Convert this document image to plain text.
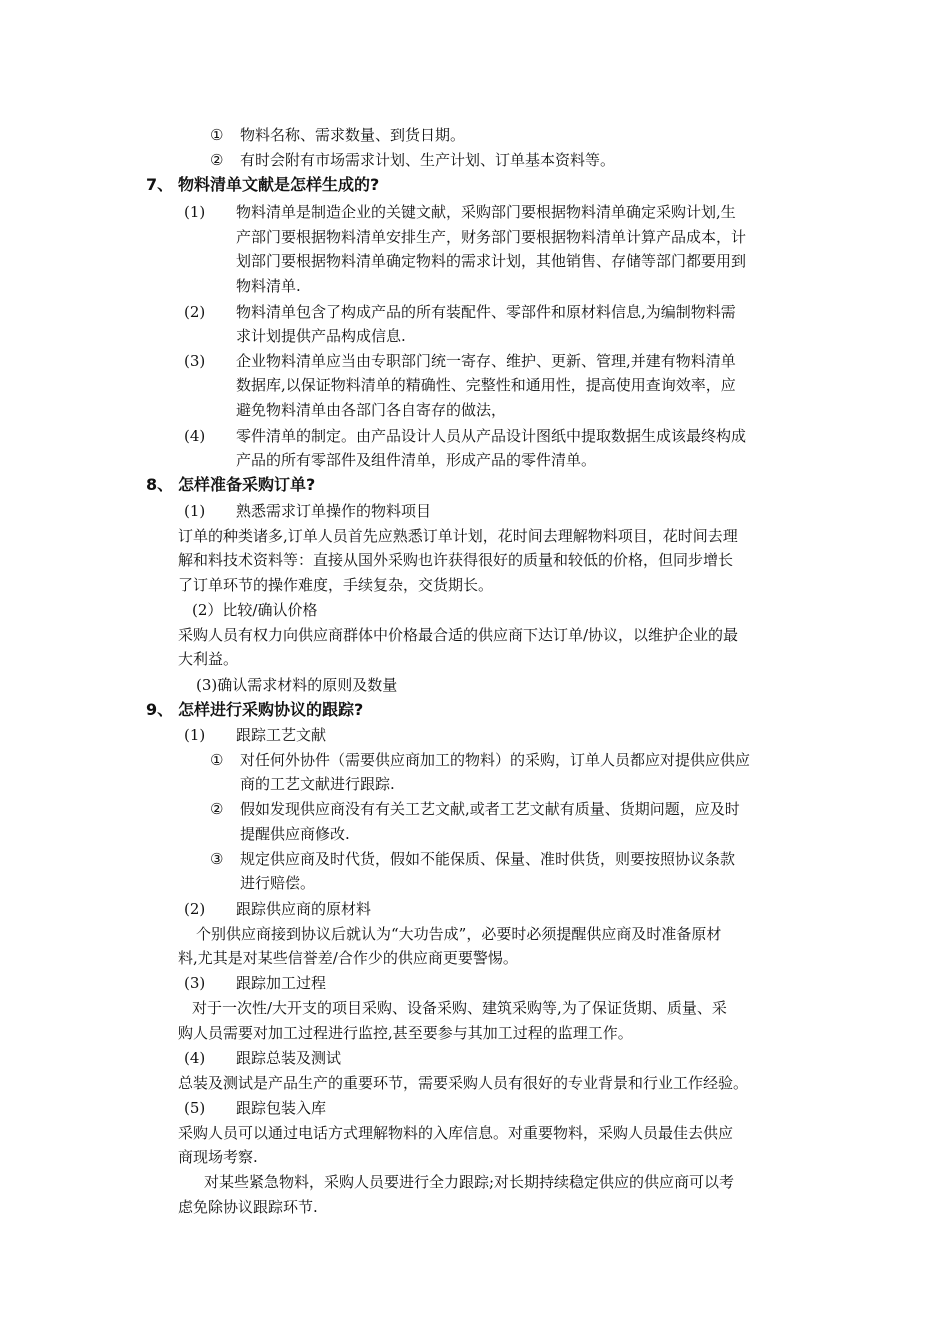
① 物料名称、需求数量、到货日期。
② 有时会附有市场需求计划、生产计划、订单基本资料等。
7、 物料清单文献是怎样生成的?
(1) 物料清单是制造企业的关键文献，采购部门要根据物料清单确定采购计划,生
产部门要根据物料清单安排生产，财务部门要根据物料清单计算产品成本，计
划部门要根据物料清单确定物料的需求计划，其他销售、存储等部门都要用到
物料清单.
(2) 物料清单包含了构成产品的所有装配件、零部件和原材料信息,为编制物料需
求计划提供产品构成信息.
(3) 企业物料清单应当由专职部门统一寄存、维护、更新、管理,并建有物料清单
数据库,以保证物料清单的精确性、完整性和通用性，提高使用查询效率，应
避免物料清单由各部门各自寄存的做法，
(4) 零件清单的制定。由产品设计人员从产品设计图纸中提取数据生成该最终构成
产品的所有零部件及组件清单，形成产品的零件清单。
8、 怎样准备采购订单?
(1) 熟悉需求订单操作的物料项目
订单的种类诸多,订单人员首先应熟悉订单计划，花时间去理解物料项目，花时间去理
解和料技术资料等：直接从国外采购也许获得很好的质量和较低的价格，但同步增长
了订单环节的操作难度，手续复杂，交货期长。
(2）比较/确认价格
采购人员有权力向供应商群体中价格最合适的供应商下达订单/协议，以维护企业的最
大利益。
(3)确认需求材料的原则及数量
9、 怎样进行采购协议的跟踪?
(1) 跟踪工艺文献
① 对任何外协件（需要供应商加工的物料）的采购，订单人员都应对提供应供应
商的工艺文献进行跟踪.
② 假如发现供应商没有有关工艺文献,或者工艺文献有质量、货期问题，应及时
提醒供应商修改.
③ 规定供应商及时代货，假如不能保质、保量、准时供货，则要按照协议条款
进行赔偿。
(2) 跟踪供应商的原材料
个别供应商接到协议后就认为“大功告成”，必要时必须提醒供应商及时准备原材
料,尤其是对某些信誉差/合作少的供应商更要警惕。
(3) 跟踪加工过程
对于一次性/大开支的项目采购、设备采购、建筑采购等,为了保证货期、质量、采
购人员需要对加工过程进行监控,甚至要参与其加工过程的监理工作。
(4) 跟踪总装及测试
总装及测试是产品生产的重要环节，需要采购人员有很好的专业背景和行业工作经验。
(5) 跟踪包装入库
采购人员可以通过电话方式理解物料的入库信息。对重要物料，采购人员最佳去供应
商现场考察.
对某些紧急物料，采购人员要进行全力跟踪;对长期持续稳定供应的供应商可以考
虑免除协议跟踪环节.
